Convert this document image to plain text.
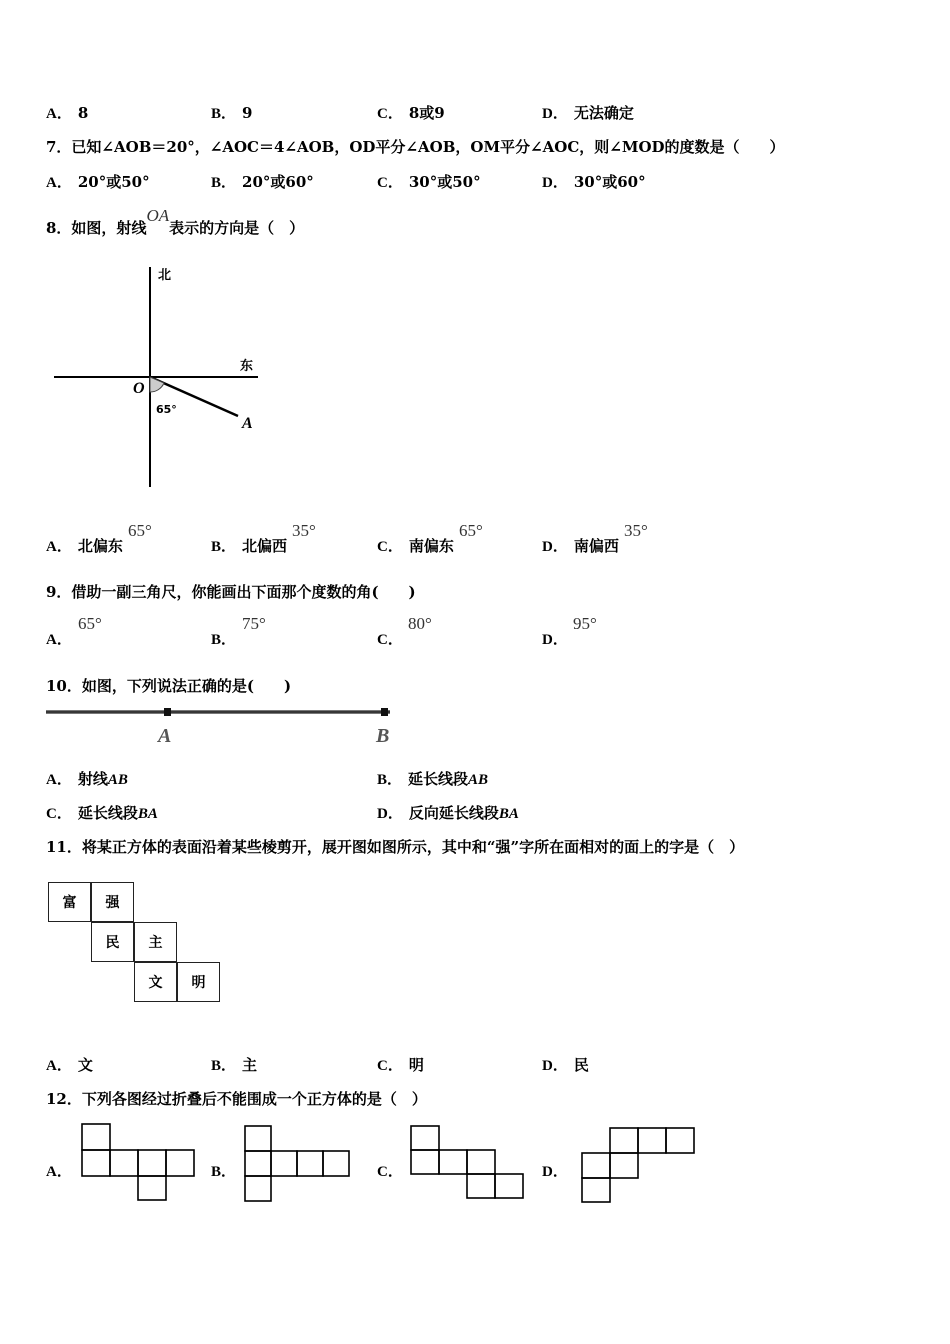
A． 8	B． 9	C． 8或9	D． 无法确定
7．已知∠AOB＝20°，∠AOC＝4∠AOB，OD平分∠AOB，OM平分∠AOC，则∠MOD的度数是（　　）
A． 20°或50°	B． 20°或60°	C． 30°或50°	D． 30°或60°
8．如图，射线OA表示的方向是（　）
北
东
O
A
65°
A． 北偏东
65°
B． 北偏西
35°
C． 南偏东
65°
D． 南偏西
35°
9．借助一副三角尺，你能画出下面那个度数的角(　　)
A．
65°
B．
75°
C．
80°
D．
95°
10．如图，下列说法正确的是(　　)
A	B
A． 射线AB	B． 延长线段AB
C． 延长线段BA	D． 反向延长线段BA
11．将某正方体的表面沿着某些棱剪开，展开图如图所示，其中和“强”字所在面相对的面上的字是（　）
富	强
民	主
文	明
A． 文	B． 主	C． 明	D． 民
12．下列各图经过折叠后不能围成一个正方体的是（　）
A．	B．	C．	D．
